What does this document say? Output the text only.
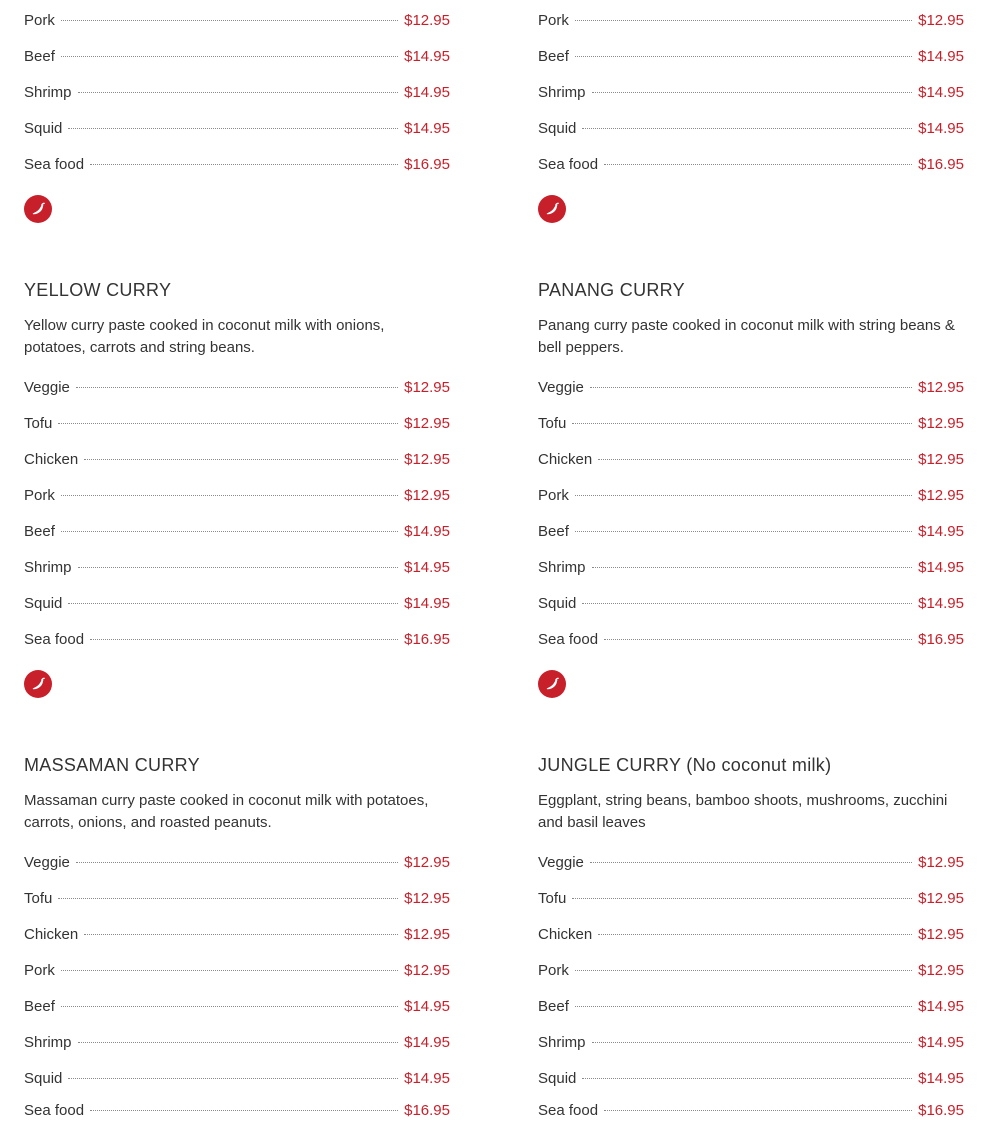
Pork	$12.95
Beef	$14.95
Shrimp	$14.95
Squid	$14.95
Sea food	$16.95
YELLOW CURRY
Yellow curry paste cooked in coconut milk with onions, potatoes, carrots and string beans.
Veggie	$12.95
Tofu	$12.95
Chicken	$12.95
Pork	$12.95
Beef	$14.95
Shrimp	$14.95
Squid	$14.95
Sea food	$16.95
MASSAMAN CURRY
Massaman curry paste cooked in coconut milk with potatoes, carrots, onions, and roasted peanuts.
Veggie	$12.95
Tofu	$12.95
Chicken	$12.95
Pork	$12.95
Beef	$14.95
Shrimp	$14.95
Squid	$14.95
Sea food	$16.95
Pork	$12.95
Beef	$14.95
Shrimp	$14.95
Squid	$14.95
Sea food	$16.95
PANANG CURRY
Panang curry paste cooked in coconut milk with string beans & bell peppers.
Veggie	$12.95
Tofu	$12.95
Chicken	$12.95
Pork	$12.95
Beef	$14.95
Shrimp	$14.95
Squid	$14.95
Sea food	$16.95
JUNGLE CURRY (No coconut milk)
Eggplant, string beans, bamboo shoots, mushrooms, zucchini and basil leaves
Veggie	$12.95
Tofu	$12.95
Chicken	$12.95
Pork	$12.95
Beef	$14.95
Shrimp	$14.95
Squid	$14.95
Sea food	$16.95
